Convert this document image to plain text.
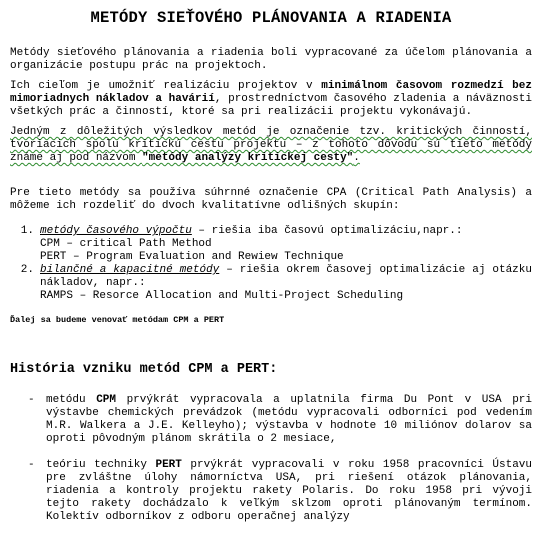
METÓDY SIEŤOVÉHO PLÁNOVANIA A RIADENIA

Metódy sieťového plánovania a riadenia boli vypracované za účelom plánovania a organizácie postupu prác na projektoch.

Ich cieľom je umožniť realizáciu projektov v minimálnom časovom rozmedzí bez mimoriadnych nákladov a havárií, prostredníctvom časového zladenia a náväznosti všetkých prác a činností, ktoré sa pri realizácii projektu vykonávajú.

Jedným z dôležitých výsledkov metód je označenie tzv. kritických činností, tvoriacich spolu kritickú cestu projektu – z tohoto dôvodu sú tieto metódy známe aj pod názvom "metódy analýzy kritickej cesty".

Pre tieto metódy sa používa súhrnné označenie CPA (Critical Path Analysis) a môžeme ich rozdeliť do dvoch kvalitatívne odlišných skupín:

1. metódy časového výpočtu – riešia iba časovú optimalizáciu,napr.:
CPM – critical Path Method
PERT – Program Evaluation and Rewiew Technique
2. bilančné a kapacitné metódy – riešia okrem časovej optimalizácie aj otázku nákladov, napr.:
RAMPS – Resorce Allocation and Multi-Project Scheduling
Ďalej sa budeme venovať metódam CPM a PERT
História vzniku metód CPM a PERT:
-	metódu CPM prvýkrát vypracovala a uplatnila firma Du Pont v USA pri výstavbe chemických prevádzok (metódu vypracovali odborníci pod vedením M.R. Walkera a J.E. Kelleyho); výstavba v hodnote 10 miliónov dolarov sa oproti pôvodným plánom skrátila o 2 mesiace,
-	teóriu techniky PERT prvýkrát vypracovali v roku 1958 pracovníci Ústavu pre zvláštne úlohy námorníctva USA, pri riešení otázok plánovania, riadenia a kontroly projektu rakety Polaris. Do roku 1958 pri vývoji tejto rakety dochádzalo k veľkým sklzom oproti plánovaným termínom. Kolektív odborníkov z odboru operačnej analýzy
